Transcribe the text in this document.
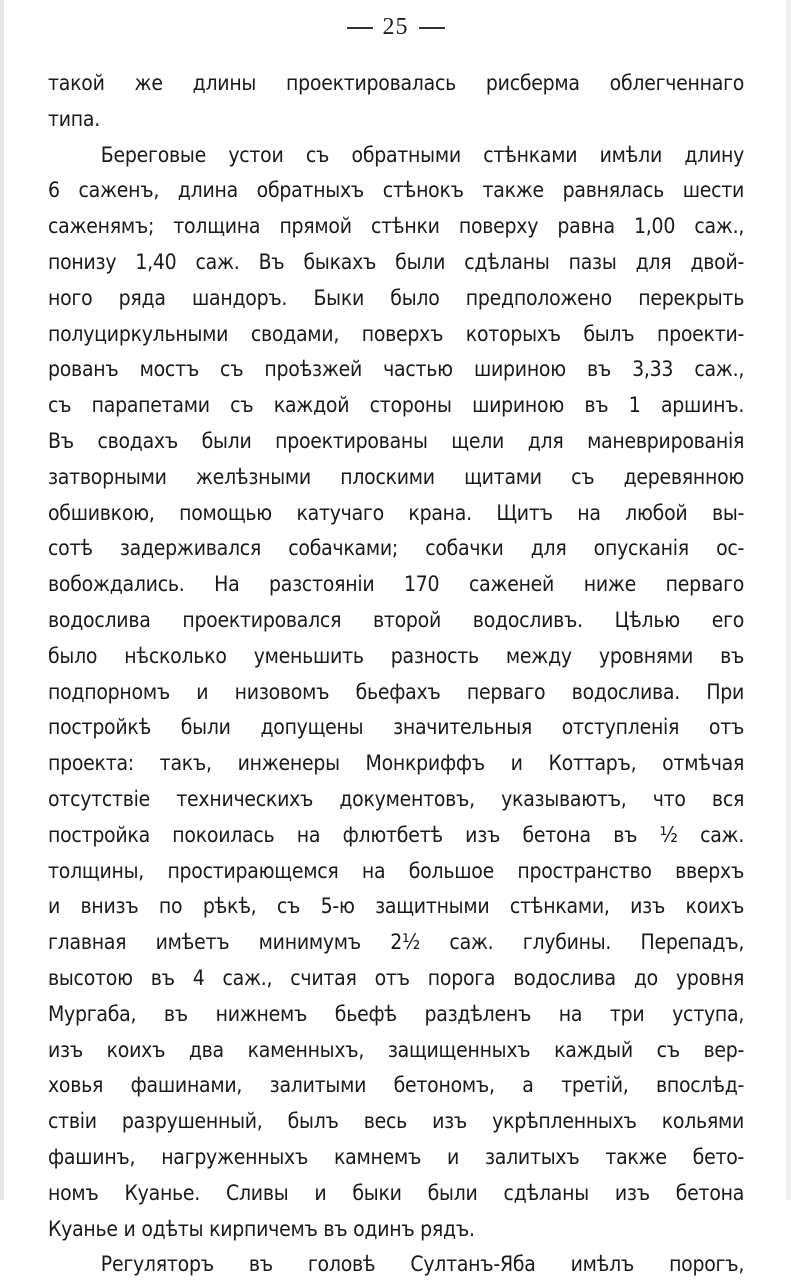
25
такой же длины проектировалась рисберма облегченнаго
типа.
Береговые устои съ обратными стѣнками имѣли длину
6 саженъ, длина обратныхъ стѣнокъ также равнялась шести
саженямъ; толщина прямой стѣнки поверху равна 1,00 саж.,
понизу 1,40 саж. Въ быкахъ были сдѣланы пазы для двой-
ного ряда шандоръ. Быки было предположено перекрыть
полуциркульными сводами, поверхъ которыхъ былъ проекти-
рованъ мостъ съ проѣзжей частью шириною въ 3,33 саж.,
съ парапетами съ каждой стороны шириною въ 1 аршинъ.
Въ сводахъ были проектированы щели для маневрированія
затворными желѣзными плоскими щитами съ деревянною
обшивкою, помощью катучаго крана. Щитъ на любой вы-
сотѣ задерживался собачками; собачки для опусканія ос-
вобождались. На разстояніи 170 саженей ниже перваго
водослива проектировался второй водосливъ. Цѣлью его
было нѣсколько уменьшить разность между уровнями въ
подпорномъ и низовомъ бьефахъ перваго водослива. При
постройкѣ были допущены значительныя отступленія отъ
проекта: такъ, инженеры Монкриффъ и Коттаръ, отмѣчая
отсутствіе техническихъ документовъ, указываютъ, что вся
постройка покоилась на флютбетѣ изъ бетона въ ½ саж.
толщины, простирающемся на большое пространство вверхъ
и внизъ по рѣкѣ, съ 5-ю защитными стѣнками, изъ коихъ
главная имѣетъ минимумъ 2½ саж. глубины. Перепадъ,
высотою въ 4 саж., считая отъ порога водослива до уровня
Мургаба, въ нижнемъ бьефѣ раздѣленъ на три уступа,
изъ коихъ два каменныхъ, защищенныхъ каждый съ вер-
ховья фашинами, залитыми бетономъ, а третій, впослѣд-
ствіи разрушенный, былъ весь изъ укрѣпленныхъ кольями
фашинъ, нагруженныхъ камнемъ и залитыхъ также бето-
номъ Куанье. Сливы и быки были сдѣланы изъ бетона
Куанье и одѣты кирпичемъ въ одинъ рядъ.
Регуляторъ въ головѣ Султанъ-Яба имѣлъ порогъ,
